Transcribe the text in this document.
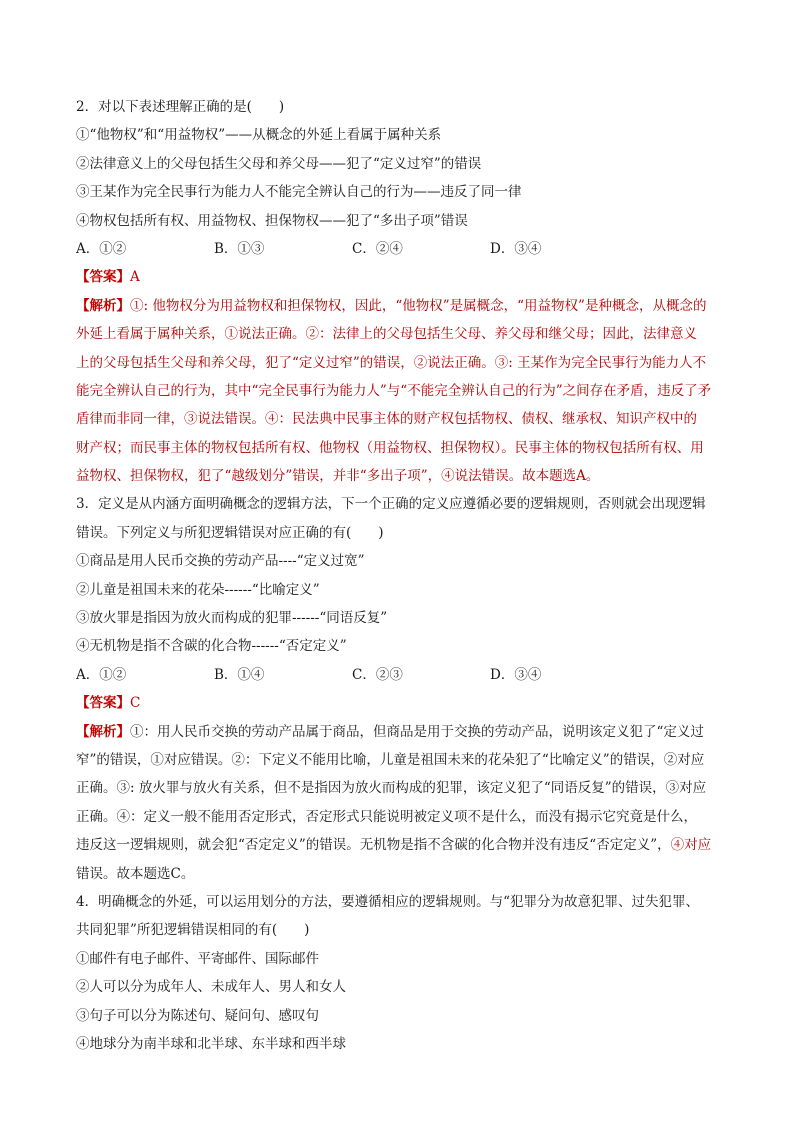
2．对以下表述理解正确的是(　　)
①“他物权”和“用益物权”——从概念的外延上看属于属种关系
②法律意义上的父母包括生父母和养父母——犯了“定义过窄”的错误
③王某作为完全民事行为能力人不能完全辨认自己的行为——违反了同一律
④物权包括所有权、用益物权、担保物权——犯了“多出子项”错误
A．①②	B．①③	C．②④	D．③④
【答案】A
【解析】①: 他物权分为用益物权和担保物权，因此，“他物权”是属概念，“用益物权”是种概念，从概念的
外延上看属于属种关系，①说法正确。②：法律上的父母包括生父母、养父母和继父母；因此，法律意义
上的父母包括生父母和养父母，犯了“定义过窄”的错误，②说法正确。③: 王某作为完全民事行为能力人不
能完全辨认自己的行为，其中“完全民事行为能力人”与“不能完全辨认自己的行为”之间存在矛盾，违反了矛
盾律而非同一律，③说法错误。④：民法典中民事主体的财产权包括物权、债权、继承权、知识产权中的
财产权；而民事主体的物权包括所有权、他物权（用益物权、担保物权）。民事主体的物权包括所有权、用
益物权、担保物权，犯了“越级划分”错误，并非“多出子项”，④说法错误。故本题选A。
3．定义是从内涵方面明确概念的逻辑方法，下一个正确的定义应遵循必要的逻辑规则，否则就会出现逻辑
错误。下列定义与所犯逻辑错误对应正确的有(　　)
①商品是用人民币交换的劳动产品----“定义过宽”
②儿童是祖国未来的花朵------“比喻定义”
③放火罪是指因为放火而构成的犯罪------“同语反复”
④无机物是指不含碳的化合物------“否定定义”
A．①②	B．①④	C．②③	D．③④
【答案】C
【解析】①：用人民币交换的劳动产品属于商品，但商品是用于交换的劳动产品，说明该定义犯了“定义过
窄”的错误，①对应错误。②：下定义不能用比喻，儿童是祖国未来的花朵犯了“比喻定义”的错误，②对应
正确。③: 放火罪与放火有关系，但不是指因为放火而构成的犯罪，该定义犯了“同语反复”的错误，③对应
正确。④：定义一般不能用否定形式，否定形式只能说明被定义项不是什么，而没有揭示它究竟是什么，
违反这一逻辑规则，就会犯“否定定义”的错误。无机物是指不含碳的化合物并没有违反“否定定义”，④对应
错误。故本题选C。
4．明确概念的外延，可以运用划分的方法，要遵循相应的逻辑规则。与“犯罪分为故意犯罪、过失犯罪、
共同犯罪”所犯逻辑错误相同的有(　　)
①邮件有电子邮件、平寄邮件、国际邮件
②人可以分为成年人、未成年人、男人和女人
③句子可以分为陈述句、疑问句、感叹句
④地球分为南半球和北半球、东半球和西半球
